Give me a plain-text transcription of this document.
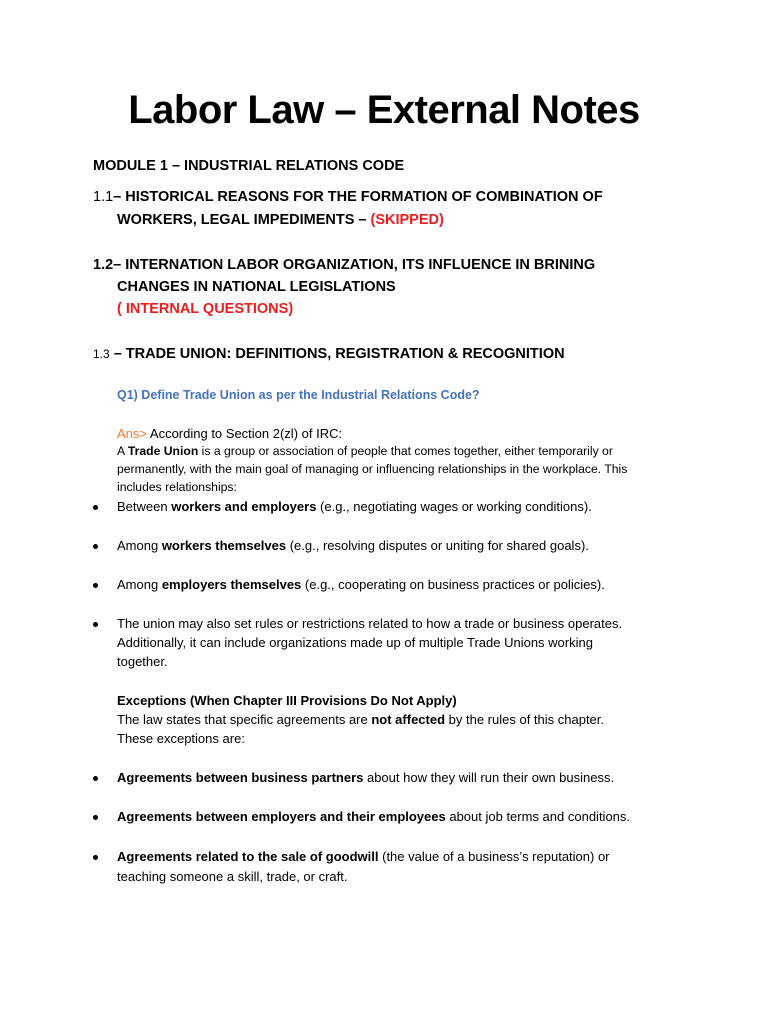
Labor Law – External Notes
MODULE 1 – INDUSTRIAL RELATIONS CODE
1.1– HISTORICAL REASONS FOR THE FORMATION OF COMBINATION OF
WORKERS, LEGAL IMPEDIMENTS – (SKIPPED)
1.2– INTERNATION LABOR ORGANIZATION, ITS INFLUENCE IN BRINING
CHANGES IN NATIONAL LEGISLATIONS
( INTERNAL QUESTIONS)
1.3 – TRADE UNION: DEFINITIONS, REGISTRATION & RECOGNITION
Q1) Define Trade Union as per the Industrial Relations Code?
Ans> According to Section 2(zl) of IRC:
A Trade Union is a group or association of people that comes together, either temporarily or
permanently, with the main goal of managing or influencing relationships in the workplace. This
includes relationships:
Between workers and employers (e.g., negotiating wages or working conditions).
Among workers themselves (e.g., resolving disputes or uniting for shared goals).
Among employers themselves (e.g., cooperating on business practices or policies).
The union may also set rules or restrictions related to how a trade or business operates.
Additionally, it can include organizations made up of multiple Trade Unions working
together.
Exceptions (When Chapter III Provisions Do Not Apply)
The law states that specific agreements are not affected by the rules of this chapter.
These exceptions are:
Agreements between business partners about how they will run their own business.
Agreements between employers and their employees about job terms and conditions.
Agreements related to the sale of goodwill (the value of a business’s reputation) or
teaching someone a skill, trade, or craft.
